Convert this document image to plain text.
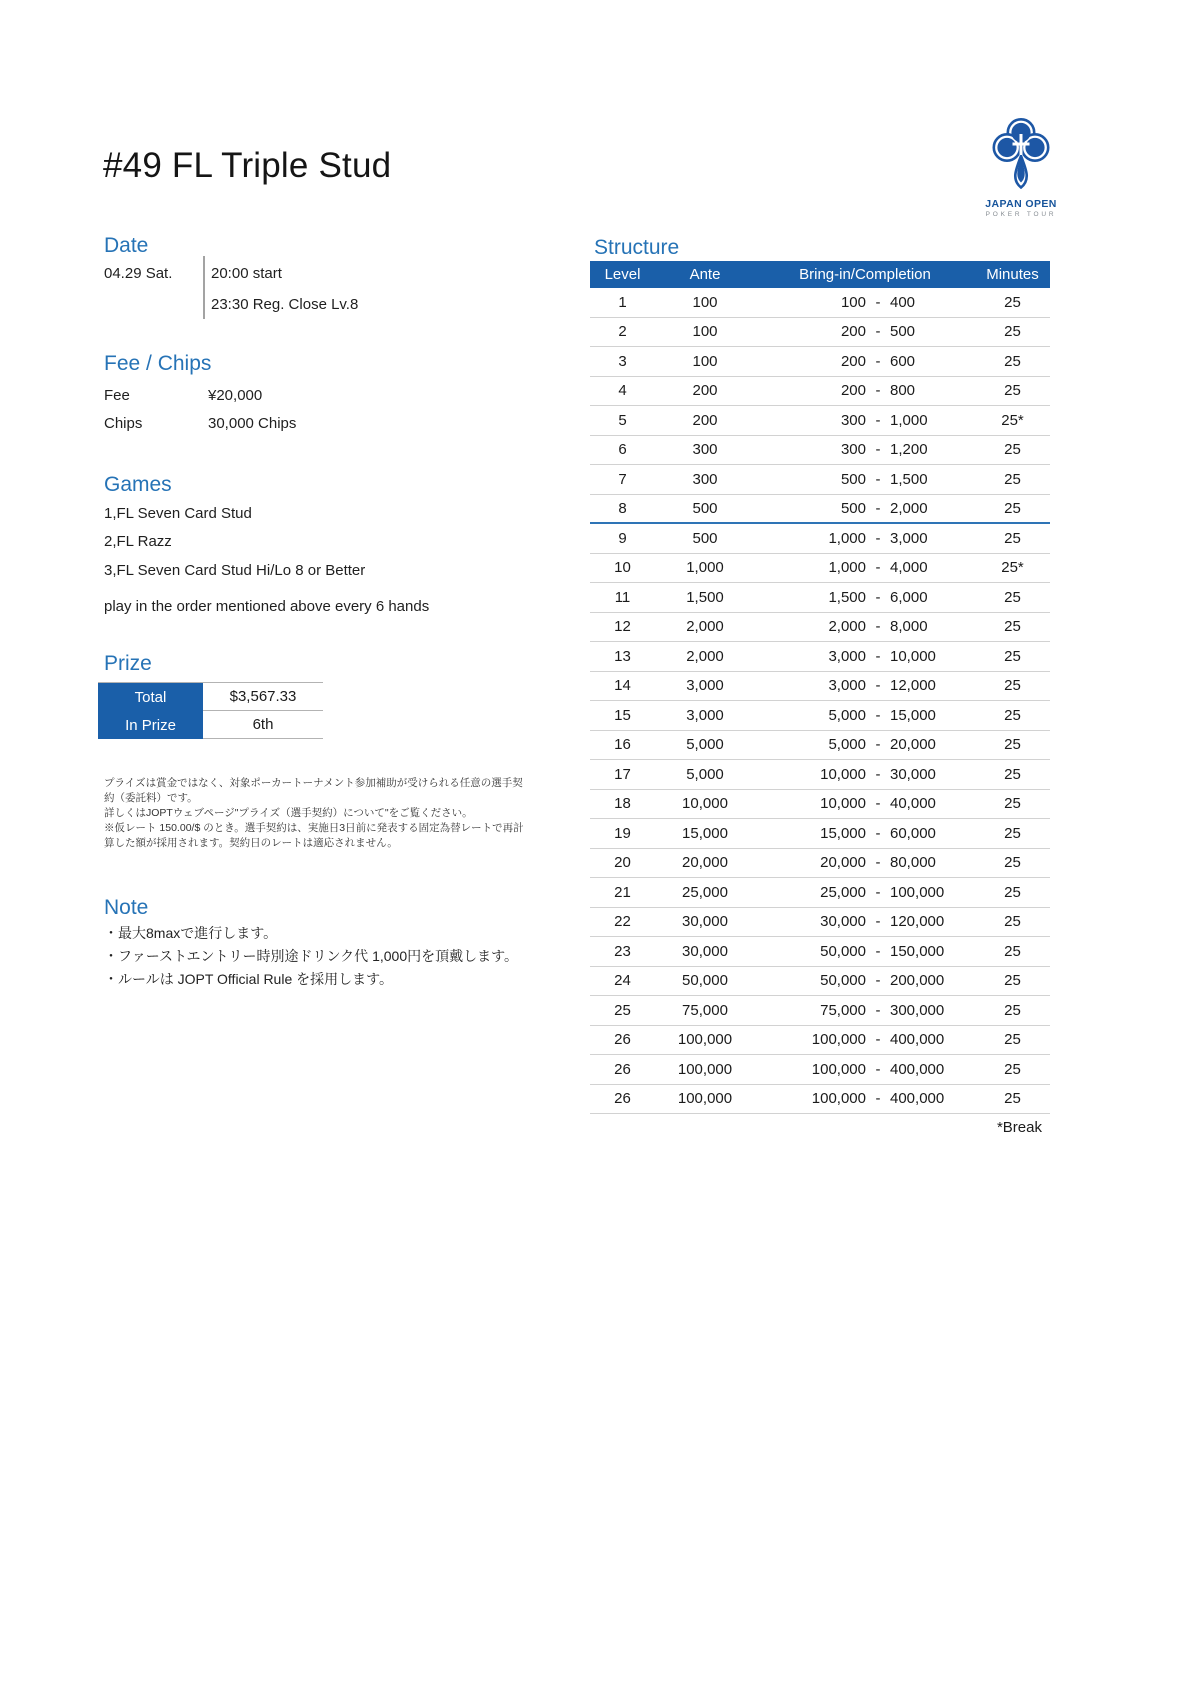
#49 FL Triple Stud
JAPAN OPEN
POKER TOUR
Date
Fee / Chips
Games
Prize
Note
Structure
04.29 Sat.	20:00 start
23:30 Reg. Close Lv.8
Fee	¥20,000
Chips	30,000 Chips
1,FL Seven Card Stud
2,FL Razz
3,FL Seven Card Stud Hi/Lo 8 or Better
play in the order mentioned above every 6 hands
Total	$3,567.33
In Prize	6th
プライズは賞金ではなく、対象ポーカートーナメント参加補助が受けられる任意の選手契
約（委託料）です。
詳しくはJOPTウェブページ"プライズ（選手契約）について"をご覧ください。
※仮レート 150.00/$ のとき。選手契約は、実施日3日前に発表する固定為替レートで再計
算した額が採用されます。契約日のレートは適応されません。
・最大8maxで進行します。
・ファーストエントリー時別途ドリンク代 1,000円を頂戴します。
・ルールは JOPT Official Rule を採用します。
Level	Ante	Bring-in/Completion	Minutes
1	100	100 - 400	25
2	100	200 - 500	25
3	100	200 - 600	25
4	200	200 - 800	25
5	200	300 - 1,000	25*
6	300	300 - 1,200	25
7	300	500 - 1,500	25
8	500	500 - 2,000	25
9	500	1,000 - 3,000	25
10	1,000	1,000 - 4,000	25*
11	1,500	1,500 - 6,000	25
12	2,000	2,000 - 8,000	25
13	2,000	3,000 - 10,000	25
14	3,000	3,000 - 12,000	25
15	3,000	5,000 - 15,000	25
16	5,000	5,000 - 20,000	25
17	5,000	10,000 - 30,000	25
18	10,000	10,000 - 40,000	25
19	15,000	15,000 - 60,000	25
20	20,000	20,000 - 80,000	25
21	25,000	25,000 - 100,000	25
22	30,000	30,000 - 120,000	25
23	30,000	50,000 - 150,000	25
24	50,000	50,000 - 200,000	25
25	75,000	75,000 - 300,000	25
26	100,000	100,000 - 400,000	25
26	100,000	100,000 - 400,000	25
26	100,000	100,000 - 400,000	25
*Break
